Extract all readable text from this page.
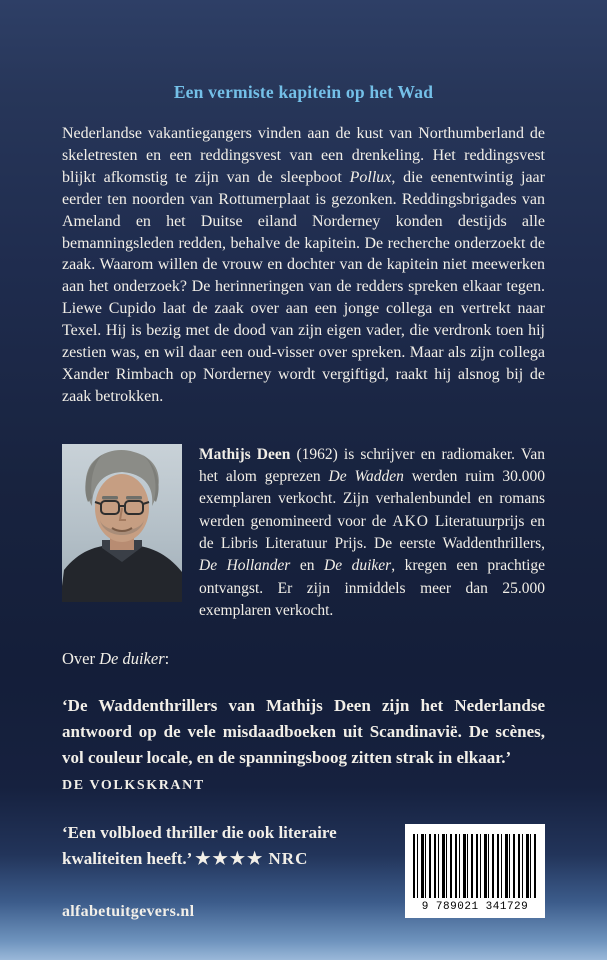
Een vermiste kapitein op het Wad

Nederlandse vakantiegangers vinden aan de kust van Northumberland de skeletresten en een reddingsvest van een drenkeling. Het reddingsvest blijkt afkomstig te zijn van de sleepboot Pollux, die eenentwintig jaar eerder ten noorden van Rottumerplaat is gezonken. Reddingsbrigades van Ameland en het Duitse eiland Norderney konden destijds alle bemanningsleden redden, behalve de kapitein. De recherche onderzoekt de zaak. Waarom willen de vrouw en dochter van de kapitein niet meewerken aan het onderzoek? De herinneringen van de redders spreken elkaar tegen. Liewe Cupido laat de zaak over aan een jonge collega en vertrekt naar Texel. Hij is bezig met de dood van zijn eigen vader, die verdronk toen hij zestien was, en wil daar een oud-visser over spreken. Maar als zijn collega Xander Rimbach op Norderney wordt vergiftigd, raakt hij alsnog bij de zaak betrokken.

Mathijs Deen (1962) is schrijver en radiomaker. Van het alom geprezen De Wadden werden ruim 30.000 exemplaren verkocht. Zijn verhalenbundel en romans werden genomineerd voor de AKO Literatuurprijs en de Libris Literatuur Prijs. De eerste Waddenthrillers, De Hollander en De duiker, kregen een prachtige ontvangst. Er zijn inmiddels meer dan 25.000 exemplaren verkocht.

Over De duiker:

‘De Waddenthrillers van Mathijs Deen zijn het Nederlandse antwoord op de vele misdaadboeken uit Scandinavië. De scènes, vol couleur locale, en de spanningsboog zitten strak in elkaar.’

DE VOLKSKRANT

‘Een volbloed thriller die ook literaire kwaliteiten heeft.’ ★★★★ NRC

alfabetuitgevers.nl	9 789021 341729
